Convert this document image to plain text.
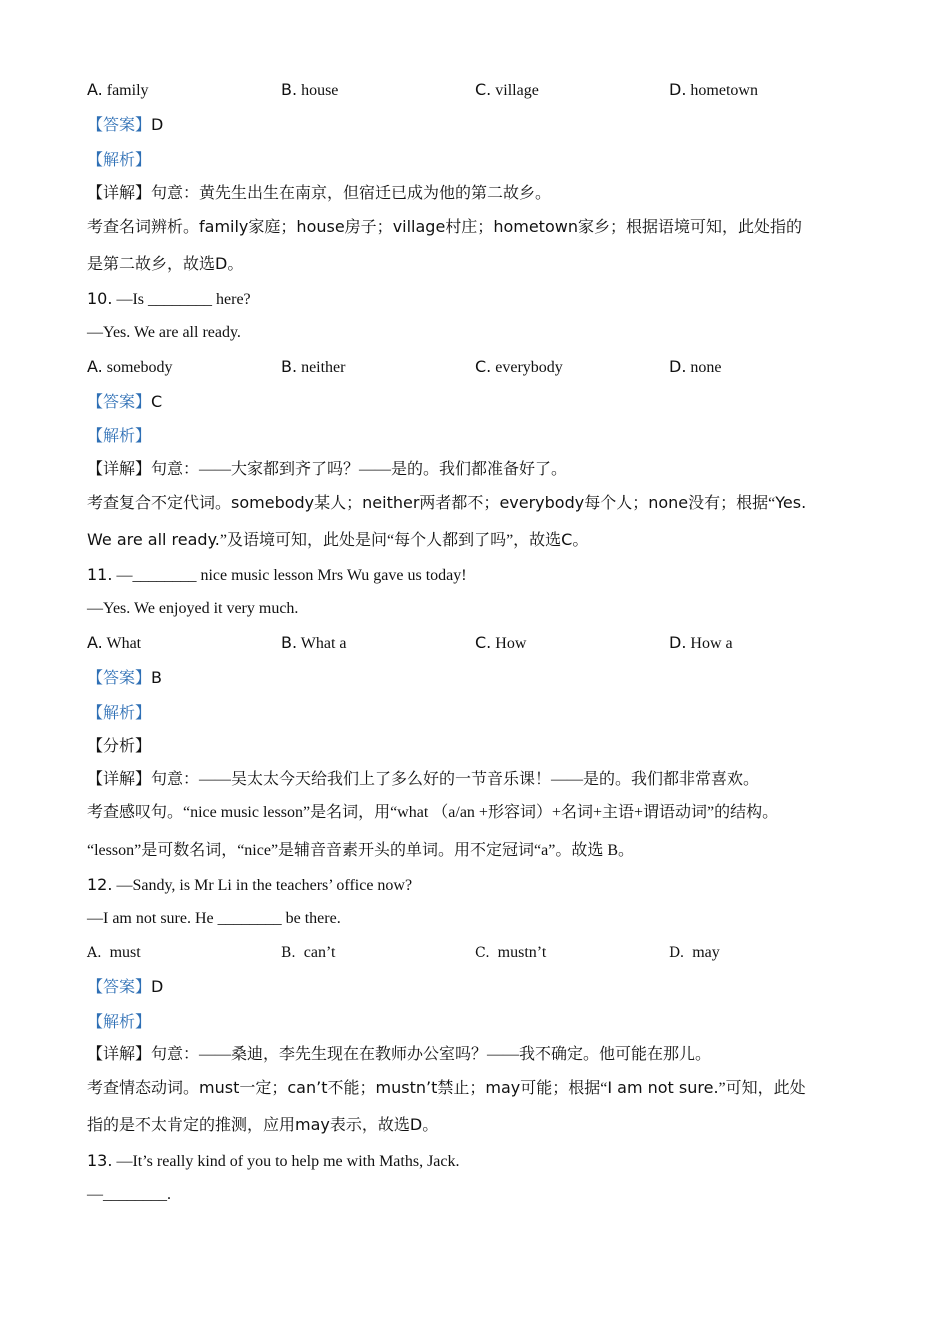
A. family	B. house	C. village	D. hometown
【答案】D
【解析】
【详解】句意：黄先生出生在南京，但宿迁已成为他的第二故乡。
考查名词辨析。family家庭；house房子；village村庄；hometown家乡；根据语境可知，此处指的
是第二故乡，故选D。
10. —Is ________ here?
—Yes. We are all ready.
A. somebody	B. neither	C. everybody	D. none
【答案】C
【解析】
【详解】句意：——大家都到齐了吗？——是的。我们都准备好了。
考查复合不定代词。somebody某人；neither两者都不；everybody每个人；none没有；根据“Yes.
We are all ready.”及语境可知，此处是问“每个人都到了吗”，故选C。
11. —________ nice music lesson Mrs Wu gave us today!
—Yes. We enjoyed it very much.
A. What	B. What a	C. How	D. How a
【答案】B
【解析】
【分析】
【详解】句意：——吴太太今天给我们上了多么好的一节音乐课！——是的。我们都非常喜欢。
考查感叹句。“nice music lesson”是名词，用“what （a/an +形容词）+名词+主语+谓语动词”的结构。
“lesson”是可数名词，“nice”是辅音音素开头的单词。用不定冠词“a”。故选 B。
12. —Sandy, is Mr Li in the teachers’ office now?
—I am not sure. He ________ be there.
A. must	B. can’t	C. mustn’t	D. may
【答案】D
【解析】
【详解】句意：——桑迪，李先生现在在教师办公室吗？——我不确定。他可能在那儿。
考查情态动词。must一定；can’t不能；mustn’t禁止；may可能；根据“I am not sure.”可知，此处
指的是不太肯定的推测，应用may表示，故选D。
13. —It’s really kind of you to help me with Maths, Jack.
—________.
